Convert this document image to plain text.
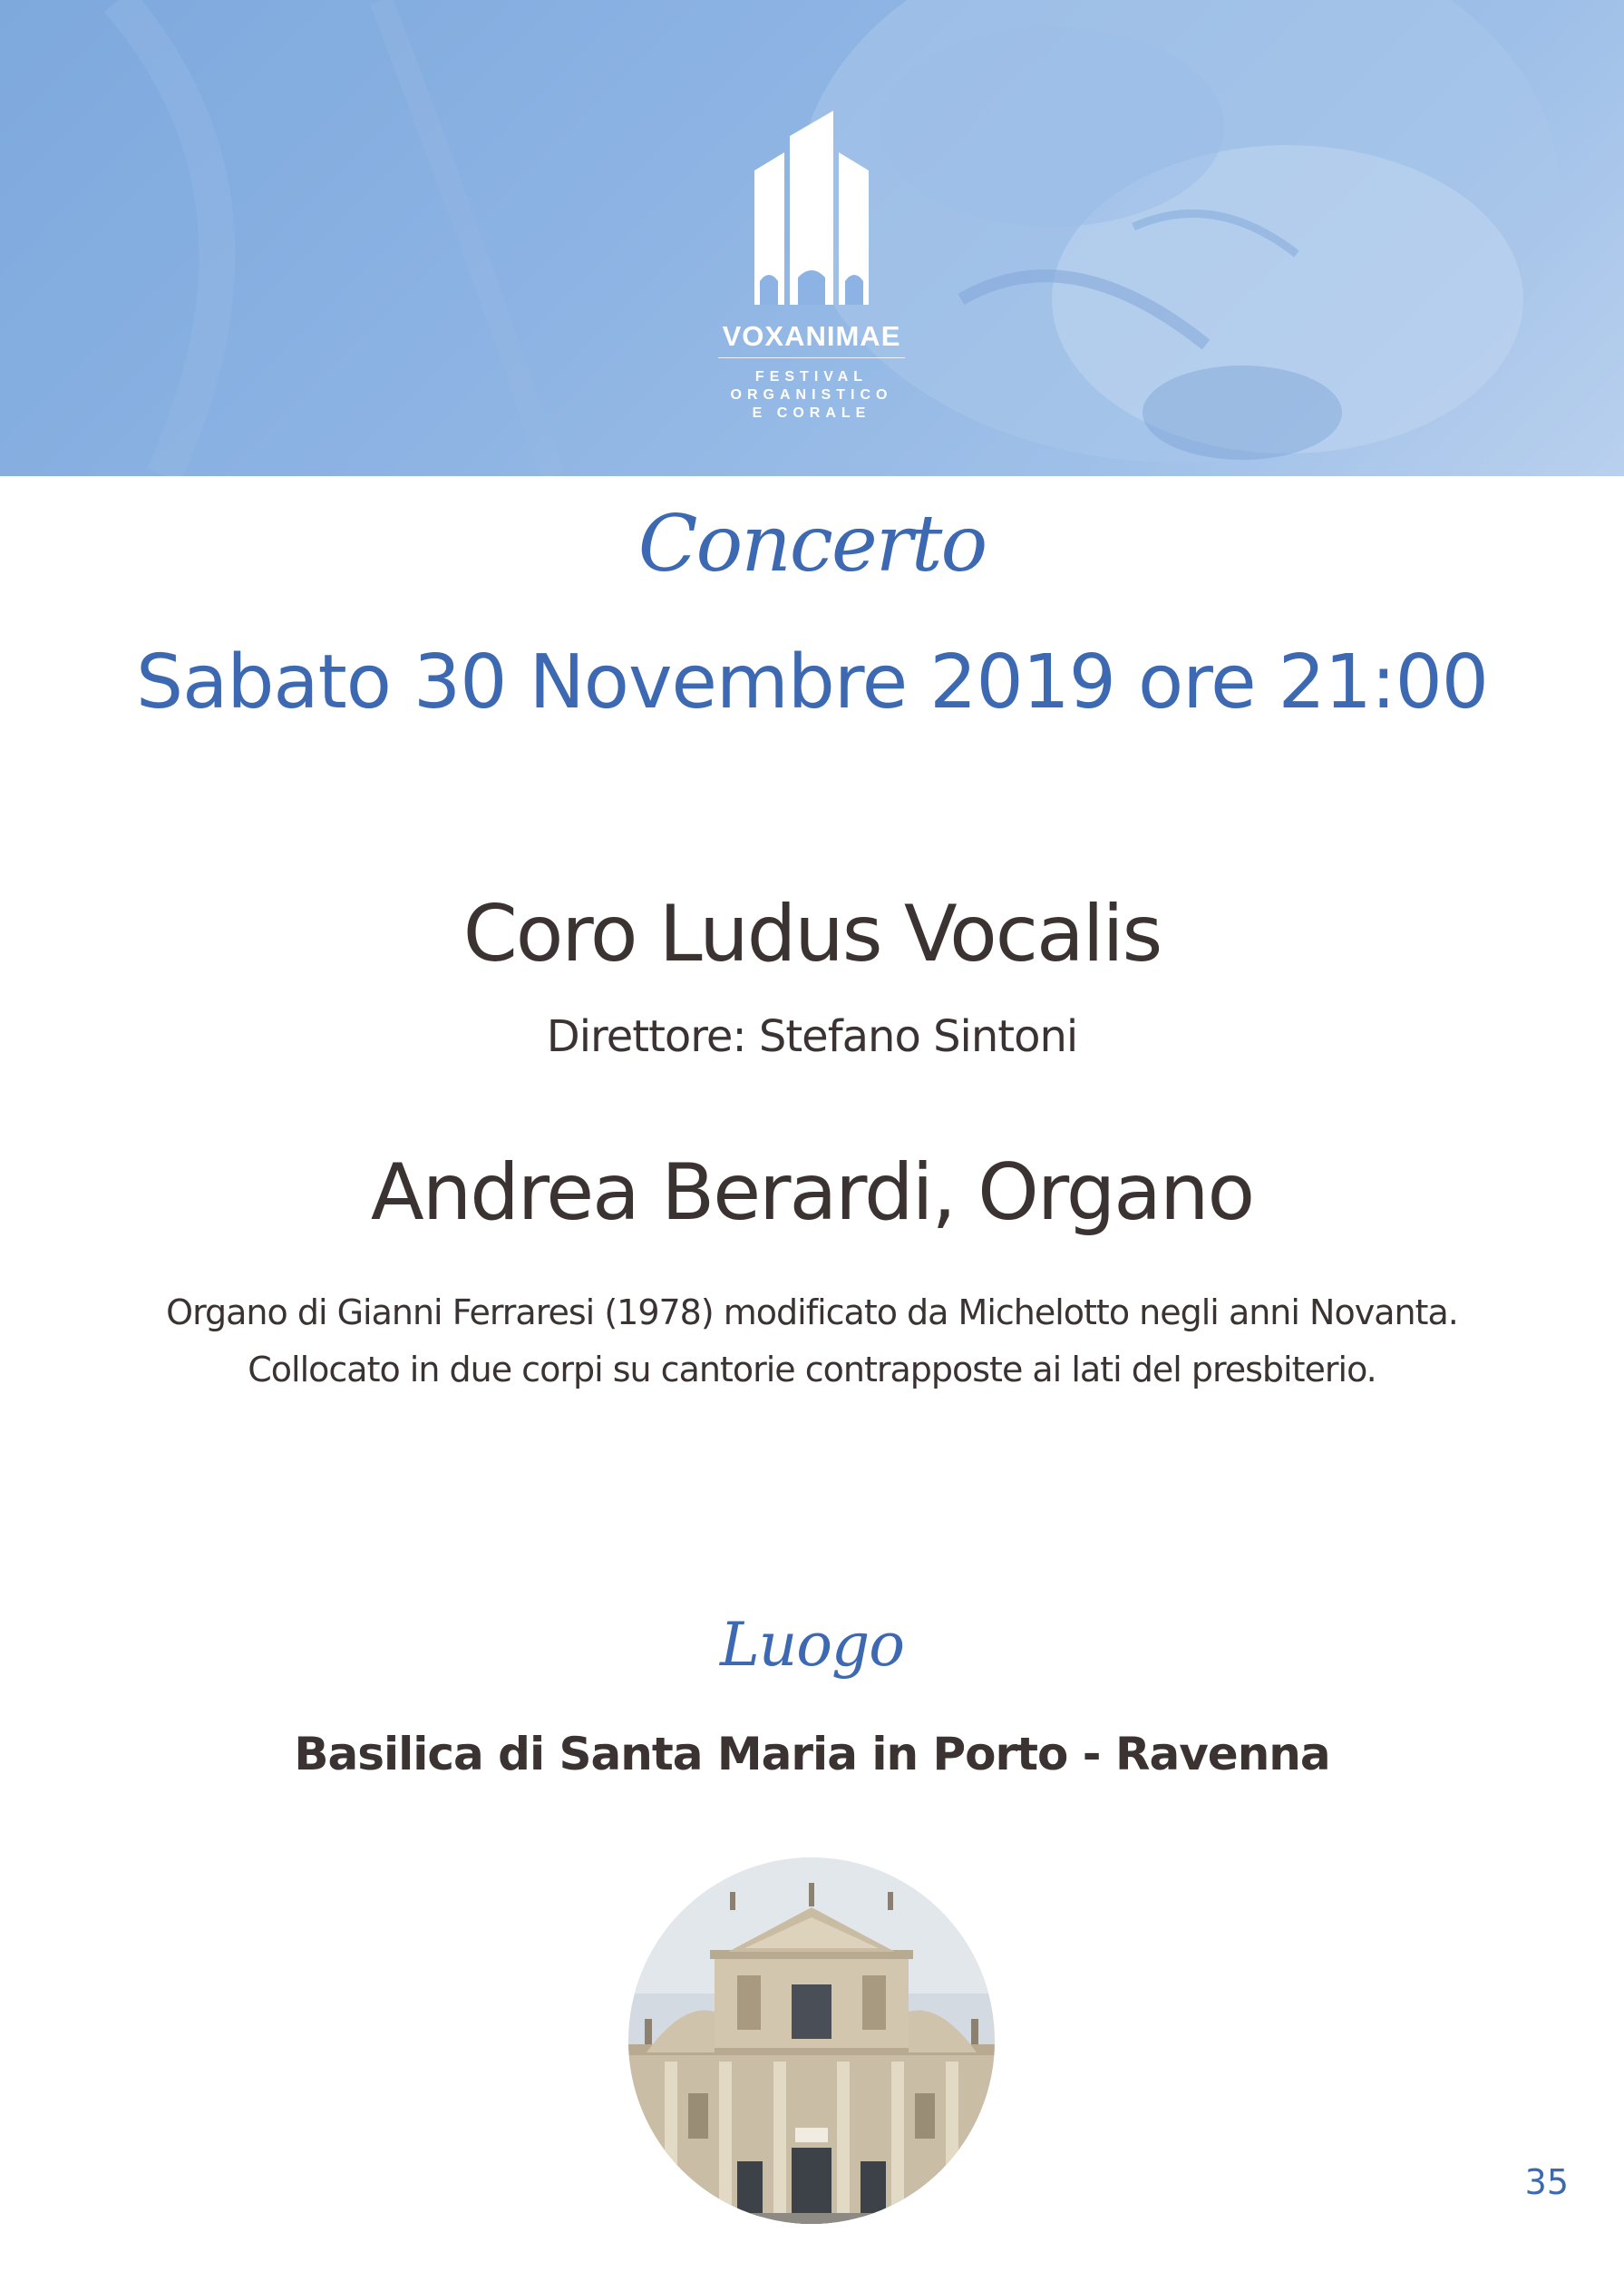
VOXANIMAE
FESTIVAL
ORGANISTICO
E CORALE
Concerto
Sabato 30 Novembre 2019 ore 21:00
Coro Ludus Vocalis
Direttore: Stefano Sintoni
Andrea Berardi, Organo
Organo di Gianni Ferraresi (1978) modificato da Michelotto negli anni Novanta.
Collocato in due corpi su cantorie contrapposte ai lati del presbiterio.
Luogo
Basilica di Santa Maria in Porto - Ravenna
35
